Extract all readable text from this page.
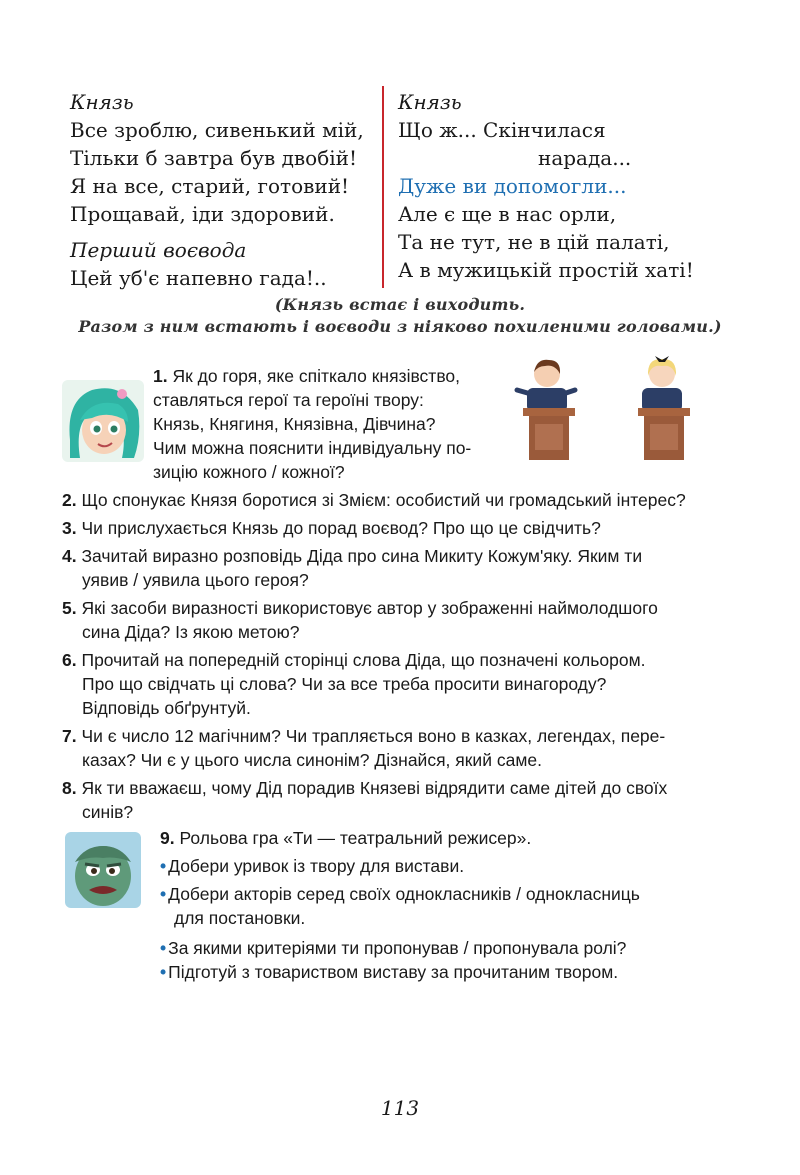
Князь
Все зроблю, сивенький мій,
Тільки б завтра був двобій!
Я на все, старий, готовий!
Прощавай, іди здоровий.
Перший воєвода
Цей уб'є напевно гада!..
Князь
Що ж... Скінчилася
нарада...
Дуже ви допомогли...
Але є ще в нас орли,
Та не тут, не в цій палаті,
А в мужицькій простій хаті!
(Князь встає і виходить.
Разом з ним встають і воєводи з ніяково похиленими головами.)
1. Як до горя, яке спіткало князівство,
ставляться герої та героїні твору:
Князь, Княгиня, Князівна, Дівчина?
Чим можна пояснити індивідуальну по-
зицію кожного / кожної?
2. Що спонукає Князя боротися зі Змієм: особистий чи громадський інтерес?
3. Чи прислухається Князь до порад воєвод? Про що це свідчить?
4. Зачитай виразно розповідь Діда про сина Микиту Кожум'яку. Яким ти
уявив / уявила цього героя?
5. Які засоби виразності використовує автор у зображенні наймолодшого
сина Діда? Із якою метою?
6. Прочитай на попередній сторінці слова Діда, що позначені кольором.
Про що свідчать ці слова? Чи за все треба просити винагороду?
Відповідь обґрунтуй.
7. Чи є число 12 магічним? Чи трапляється воно в казках, легендах, пере-
казах? Чи є у цього числа синонім? Дізнайся, який саме.
8. Як ти вважаєш, чому Дід порадив Князеві відрядити саме дітей до своїх
синів?
9. Рольова гра «Ти — театральний режисер».
• Добери уривок із твору для вистави.
• Добери акторів серед своїх однокласників / однокласниць
для постановки.
• За якими критеріями ти пропонував / пропонувала ролі?
• Підготуй з товариством виставу за прочитаним твором.
113
